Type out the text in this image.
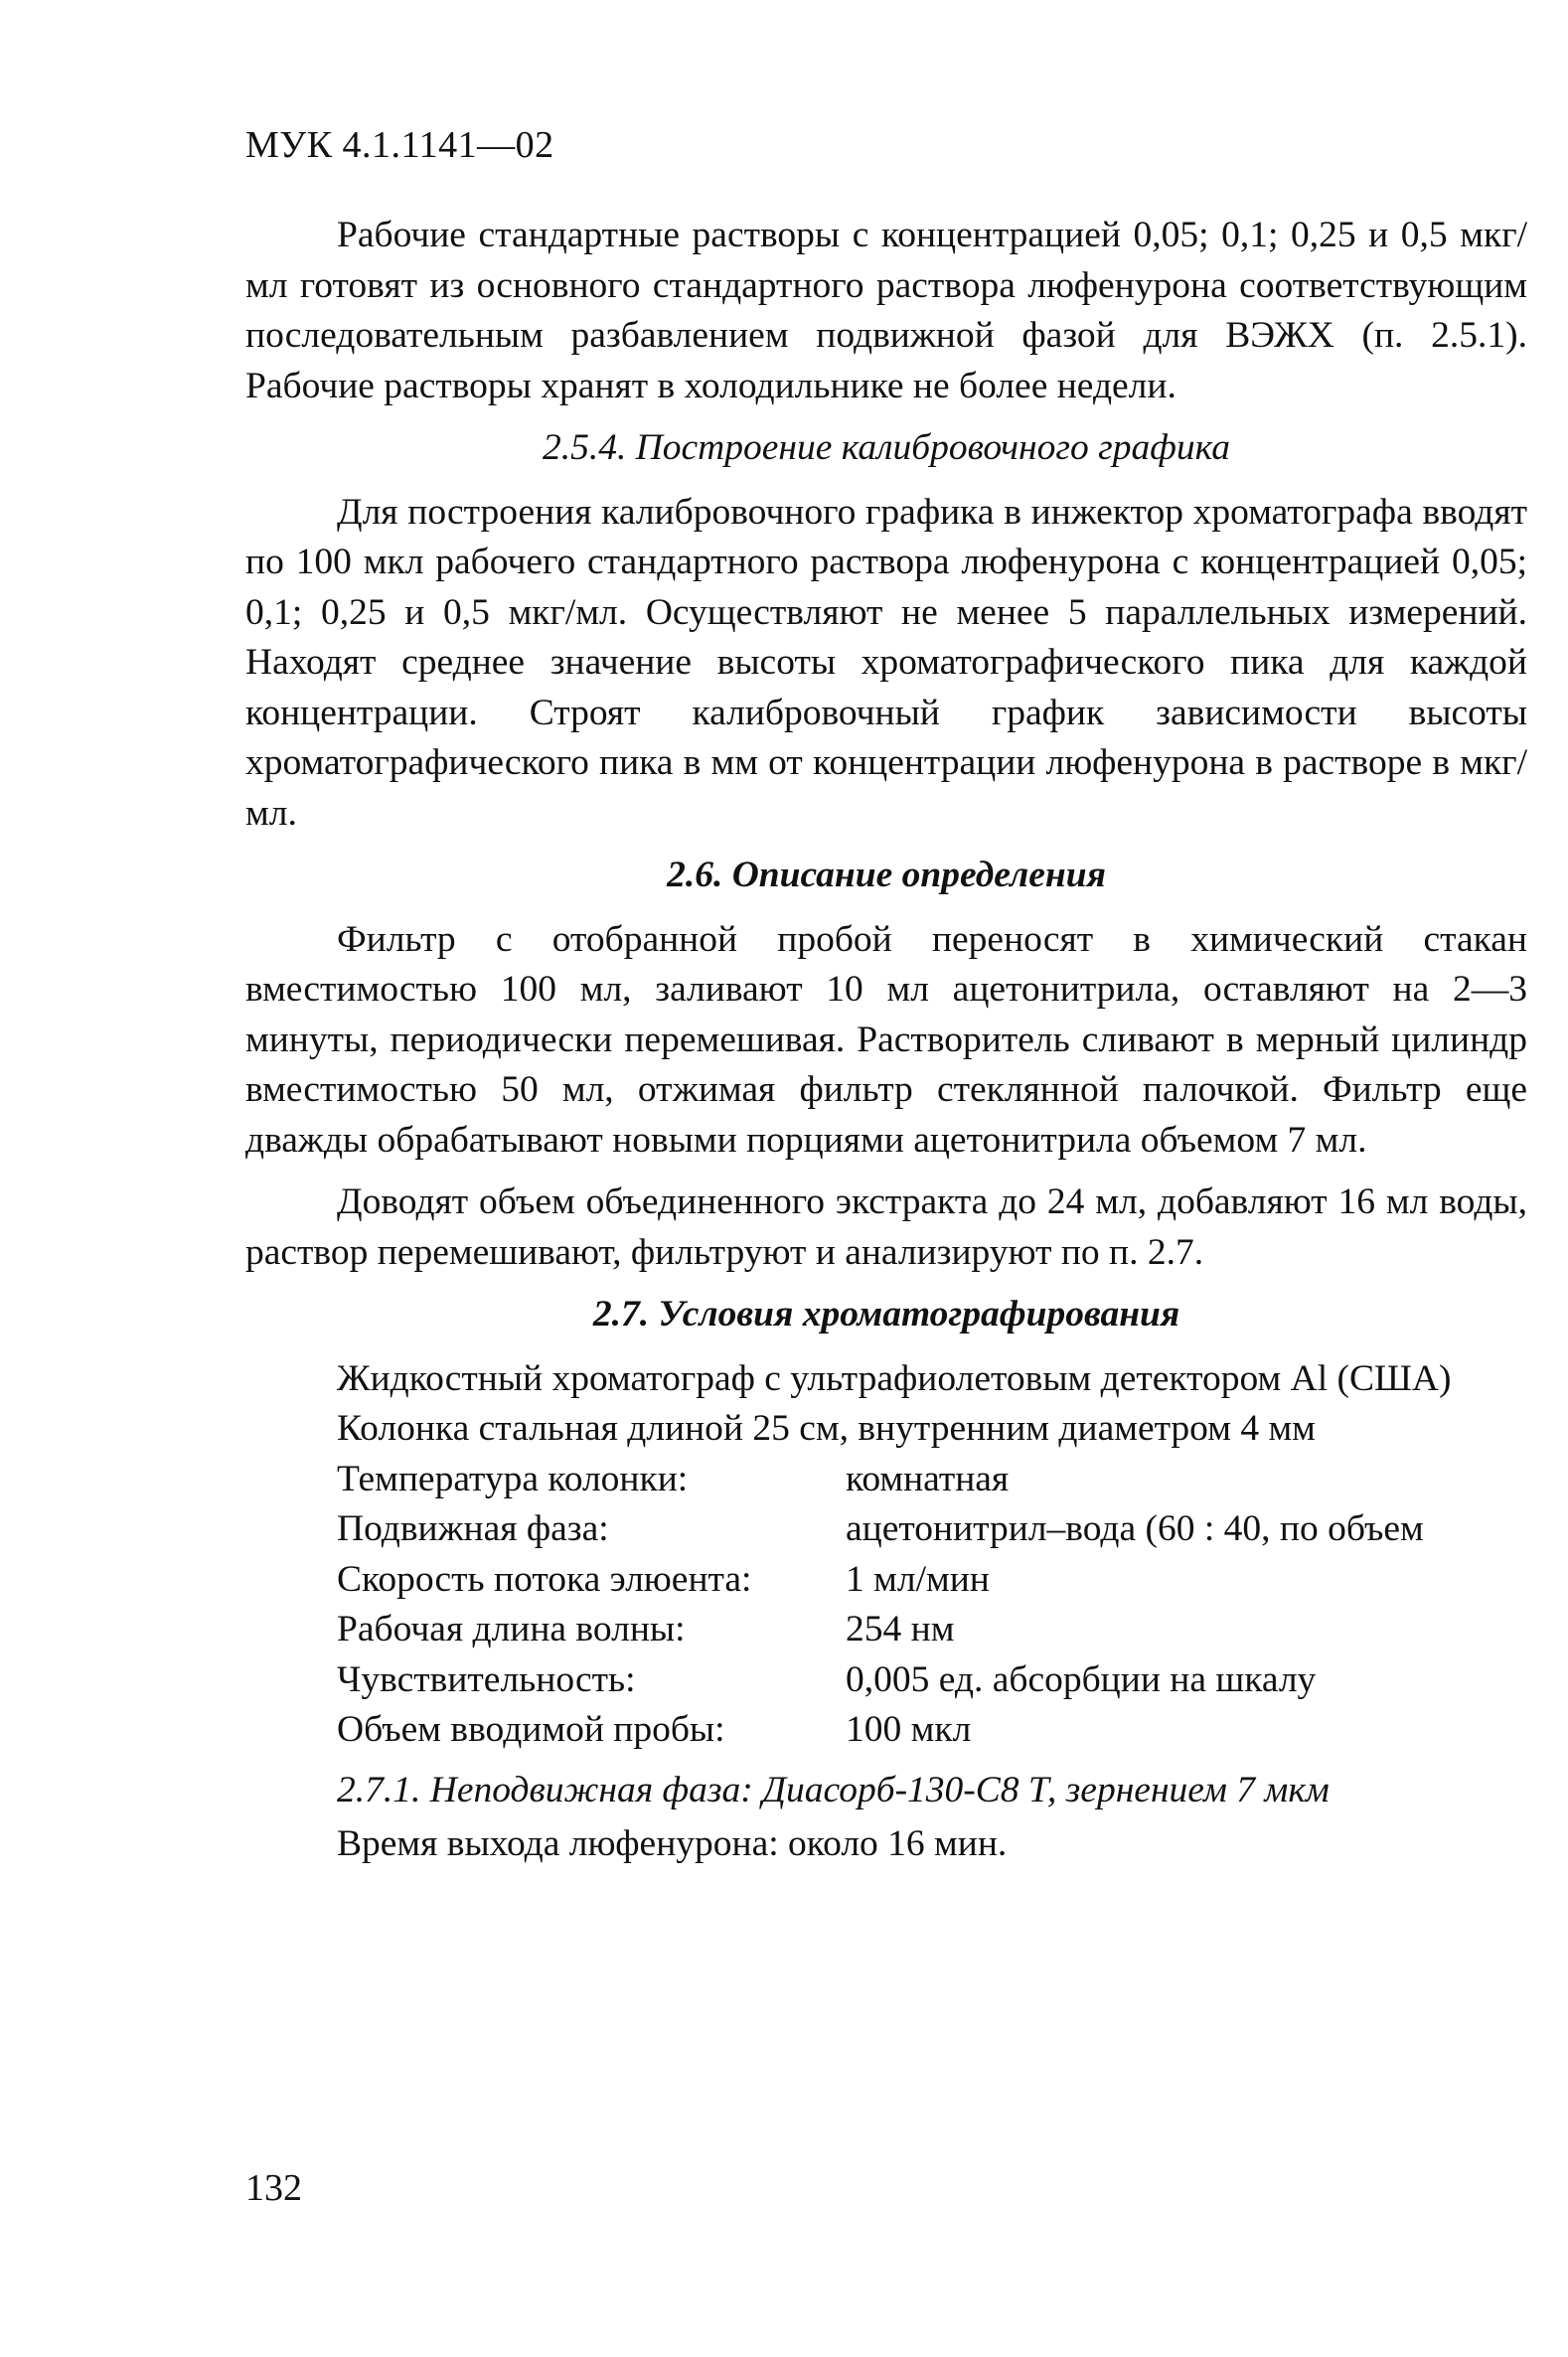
МУК 4.1.1141—02

Рабочие стандартные растворы с концентрацией 0,05; 0,1; 0,25 и 0,5 мкг/мл готовят из основного стандартного раствора люфенурона соответствующим последовательным разбавлением подвижной фазой для ВЭЖХ (п. 2.5.1). Рабочие растворы хранят в холодильнике не более недели.

2.5.4. Построение калибровочного графика

Для построения калибровочного графика в инжектор хроматографа вводят по 100 мкл рабочего стандартного раствора люфенурона с концентрацией 0,05; 0,1; 0,25 и 0,5 мкг/мл. Осуществляют не менее 5 параллельных измерений. Находят среднее значение высоты хроматографического пика для каждой концентрации. Строят калибровочный график зависимости высоты хроматографического пика в мм от концентрации люфенурона в растворе в мкг/мл.

2.6. Описание определения

Фильтр с отобранной пробой переносят в химический стакан вместимостью 100 мл, заливают 10 мл ацетонитрила, оставляют на 2—3 минуты, периодически перемешивая. Растворитель сливают в мерный цилиндр вместимостью 50 мл, отжимая фильтр стеклянной палочкой. Фильтр еще дважды обрабатывают новыми порциями ацетонитрила объемом 7 мл.

Доводят объем объединенного экстракта до 24 мл, добавляют 16 мл воды, раствор перемешивают, фильтруют и анализируют по п. 2.7.

2.7. Условия хроматографирования

Жидкостный хроматограф с ультрафиолетовым детектором Al (США)

Колонка стальная длиной 25 см, внутренним диаметром 4 мм

Температура колонки:	комнатная
Подвижная фаза:	ацетонитрил–вода (60 : 40, по объем
Скорость потока элюента:	1 мл/мин
Рабочая длина волны:	254 нм
Чувствительность:	0,005 ед. абсорбции на шкалу
Объем вводимой пробы:	100 мкл

2.7.1. Неподвижная фаза: Диасорб-130-С8 Т, зернением 7 мкм

Время выхода люфенурона: около 16 мин.

132
